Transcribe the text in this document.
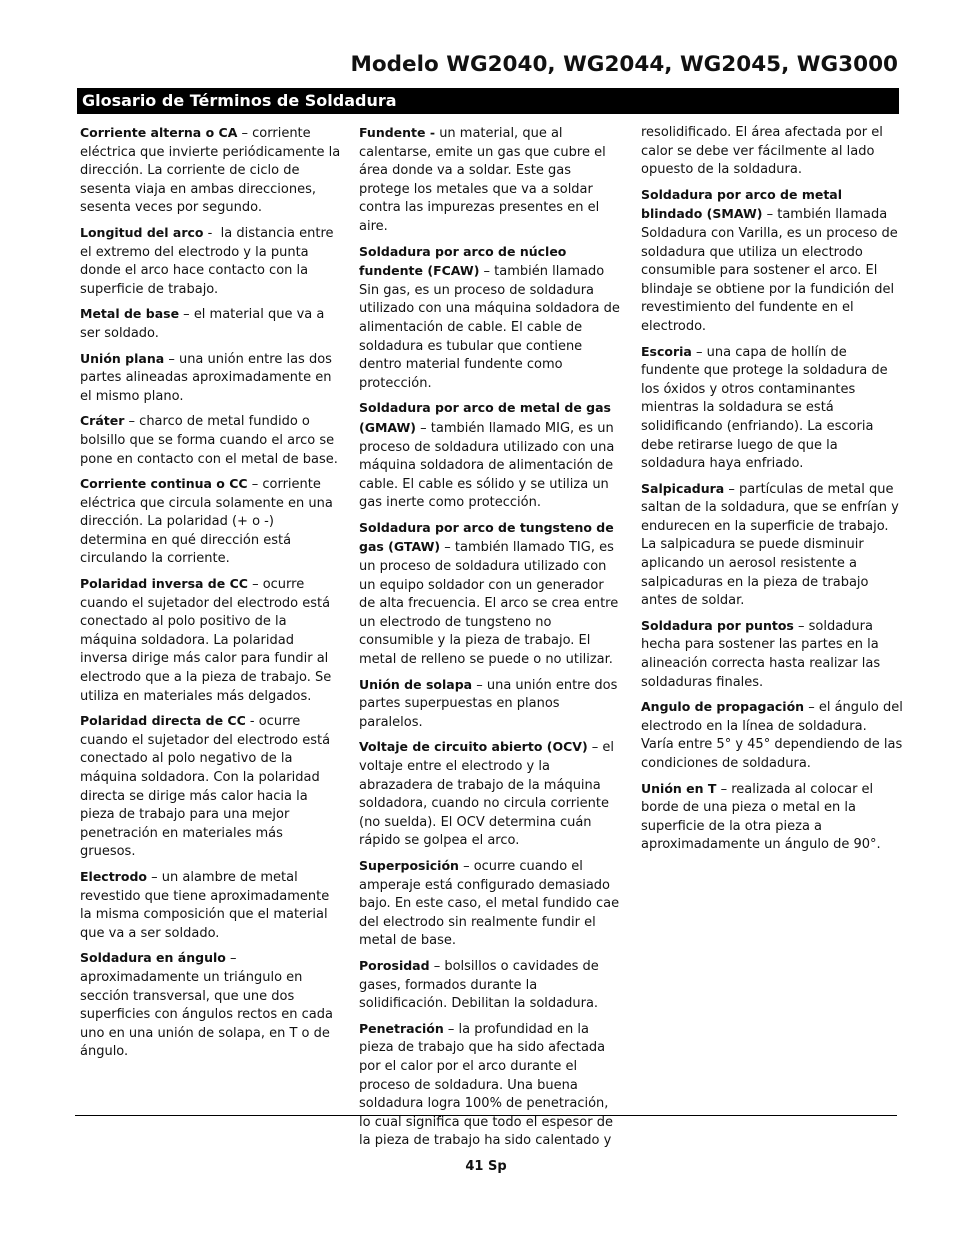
Modelo WG2040, WG2044, WG2045, WG3000
Glosario de Términos de Soldadura

Corriente alterna o CA – corriente eléctrica que invierte periódicamente la dirección. La corriente de ciclo de sesenta viaja en ambas direcciones, sesenta veces por segundo.

Longitud del arco -  la distancia entre el extremo del electrodo y la punta donde el arco hace contacto con la superficie de trabajo.

Metal de base – el material que va a ser soldado.

Unión plana – una unión entre las dos partes alineadas aproximadamente en el mismo plano.

Cráter – charco de metal fundido o bolsillo que se forma cuando el arco se pone en contacto con el metal de base.

Corriente continua o CC – corriente eléctrica que circula solamente en una dirección. La polaridad (+ o -) determina en qué dirección está circulando la corriente.

Polaridad inversa de CC – ocurre cuando el sujetador del electrodo está conectado al polo positivo de la máquina soldadora. La polaridad inversa dirige más calor para fundir al electrodo que a la pieza de trabajo. Se utiliza en materiales más delgados.

Polaridad directa de CC - ocurre cuando el sujetador del electrodo está conectado al polo negativo de la máquina soldadora. Con la polaridad directa se dirige más calor hacia la pieza de trabajo para una mejor penetración en materiales más gruesos.

Electrodo – un alambre de metal revestido que tiene aproximadamente la misma composición que el material que va a ser soldado.

Soldadura en ángulo – aproximadamente un triángulo en sección transversal, que une dos superficies con ángulos rectos en cada uno en una unión de solapa, en T o de ángulo.

Fundente - un material, que al calentarse, emite un gas que cubre el área donde va a soldar. Este gas protege los metales que va a soldar contra las impurezas presentes en el aire.

Soldadura por arco de núcleo fundente (FCAW) – también llamado Sin gas, es un proceso de soldadura utilizado con una máquina soldadora de alimentación de cable. El cable de soldadura es tubular que contiene dentro material fundente como protección.

Soldadura por arco de metal de gas (GMAW) – también llamado MIG, es un proceso de soldadura utilizado con una máquina soldadora de alimentación de cable. El cable es sólido y se utiliza un gas inerte como protección.

Soldadura por arco de tungsteno de gas (GTAW) – también llamado TIG, es un proceso de soldadura utilizado con un equipo soldador con un generador de alta frecuencia. El arco se crea entre un electrodo de tungsteno no consumible y la pieza de trabajo. El metal de relleno se puede o no utilizar.

Unión de solapa – una unión entre dos partes superpuestas en planos paralelos.

Voltaje de circuito abierto (OCV) – el voltaje entre el electrodo y la abrazadera de trabajo de la máquina soldadora, cuando no circula corriente (no suelda). El OCV determina cuán rápido se golpea el arco.

Superposición – ocurre cuando el amperaje está configurado demasiado bajo. En este caso, el metal fundido cae del electrodo sin realmente fundir el metal de base.

Porosidad – bolsillos o cavidades de gases, formados durante la solidificación. Debilitan la soldadura.

Penetración – la profundidad en la pieza de trabajo que ha sido afectada por el calor por el arco durante el proceso de soldadura. Una buena soldadura logra 100% de penetración, lo cual significa que todo el espesor de la pieza de trabajo ha sido calentado y

resolidificado. El área afectada por el calor se debe ver fácilmente al lado opuesto de la soldadura.

Soldadura por arco de metal blindado (SMAW) – también llamada Soldadura con Varilla, es un proceso de soldadura que utiliza un electrodo consumible para sostener el arco. El blindaje se obtiene por la fundición del revestimiento del fundente en el electrodo.

Escoria – una capa de hollín de fundente que protege la soldadura de los óxidos y otros contaminantes mientras la soldadura se está solidificando (enfriando). La escoria debe retirarse luego de que la soldadura haya enfriado.

Salpicadura – partículas de metal que saltan de la soldadura, que se enfrían y endurecen en la superficie de trabajo. La salpicadura se puede disminuir aplicando un aerosol resistente a salpicaduras en la pieza de trabajo antes de soldar.

Soldadura por puntos – soldadura hecha para sostener las partes en la alineación correcta hasta realizar las soldaduras finales.

Angulo de propagación – el ángulo del electrodo en la línea de soldadura. Varía entre 5° y 45° dependiendo de las condiciones de soldadura.

Unión en T – realizada al colocar el borde de una pieza o metal en la superficie de la otra pieza a aproximadamente un ángulo de 90°.

41 Sp
